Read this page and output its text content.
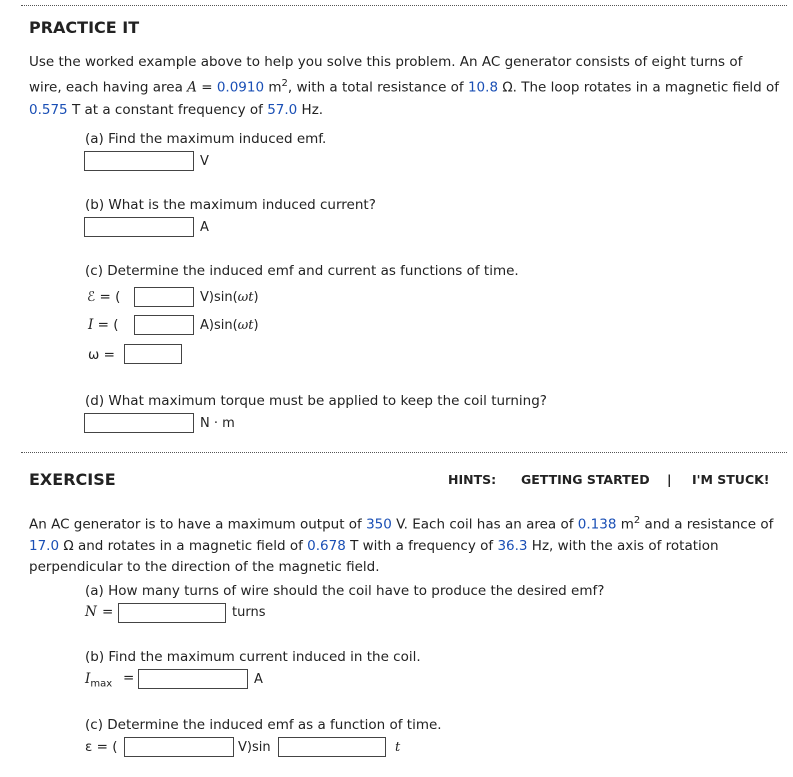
PRACTICE IT
Use the worked example above to help you solve this problem. An AC generator consists of eight turns of wire, each having area A = 0.0910 $m^2$, with a total resistance of 10.8 Ω. The loop rotates in a magnetic field of 0.575 T at a constant frequency of 57.0 Hz.
(a) Find the maximum induced emf.
V
(b) What is the maximum induced current?
A
(c) Determine the induced emf and current as functions of time.
ℰ = (	V)sin(ωt)
I = (	A)sin(ωt)
ω =
(d) What maximum torque must be applied to keep the coil turning?
N · m
EXERCISE	HINTS: GETTING STARTED | I'M STUCK!
An AC generator is to have a maximum output of 350 V. Each coil has an area of 0.138 $m^2$ and a resistance of 17.0 Ω and rotates in a magnetic field of 0.678 T with a frequency of 36.3 Hz, with the axis of rotation perpendicular to the direction of the magnetic field.
(a) How many turns of wire should the coil have to produce the desired emf?
N =	turns
(b) Find the maximum current induced in the coil.
$I_{max}$ =	A
(c) Determine the induced emf as a function of time.
ε = (	V)sin	t
